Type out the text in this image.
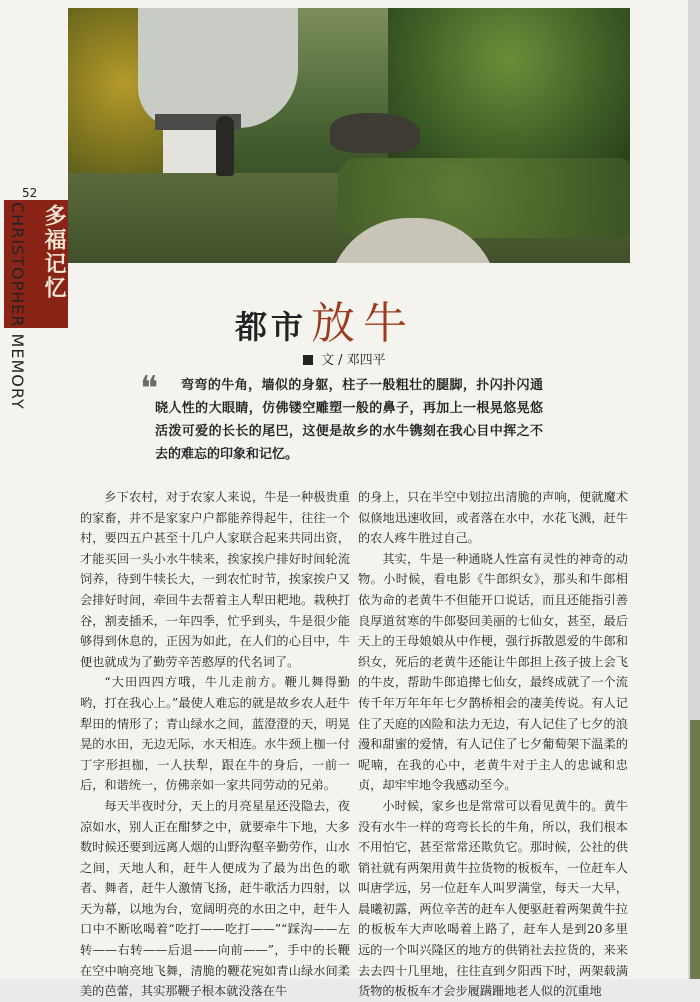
52
CHRISTOPHER MEMORY 多福记忆
都市放牛
文 / 邓四平
❝	弯弯的牛角，墙似的身躯，柱子一般粗壮的腿脚，扑闪扑闪通晓人性的大眼睛，仿佛镂空雕塑一般的鼻子，再加上一根晃悠晃悠活泼可爱的长长的尾巴，这便是故乡的水牛镌刻在我心目中挥之不去的难忘的印象和记忆。

乡下农村，对于农家人来说，牛是一种极贵重的家畜，并不是家家户户都能养得起牛，往往一个村，要四五户甚至十几户人家联合起来共同出资，才能买回一头小水牛犊来，挨家挨户排好时间轮流饲养，待到牛犊长大，一到农忙时节，挨家挨户又会排好时间，牵回牛去帮着主人犁田耙地。栽秧打谷，割麦插禾，一年四季，忙乎到头，牛是很少能够得到休息的，正因为如此，在人们的心目中，牛便也就成为了勤劳辛苦憨厚的代名词了。

“大田四四方哦，牛儿走前方。鞭儿舞得勤哟，打在我心上。”最使人难忘的就是故乡农人赶牛犁田的情形了；青山绿水之间，蓝澄澄的天，明晃晃的水田，无边无际，水天相连。水牛颈上枷一付丁字形担枷，一人扶犁，跟在牛的身后，一前一后，和谐统一，仿佛亲如一家共同劳动的兄弟。

每天半夜时分，天上的月亮星星还没隐去，夜凉如水，别人正在酣梦之中，就要牵牛下地，大多数时候还要到远离人烟的山野沟壑辛勤劳作，山水之间，天地人和，赶牛人便成为了最为出色的歌者、舞者，赶牛人激情飞扬，赶牛歌活力四射，以天为幕，以地为台，宽阔明亮的水田之中，赶牛人口中不断吆喝着“吃打——吃打——”“踩沟——左转——右转——后退——向前——”，手中的长鞭在空中响亮地飞舞，清脆的鞭花宛如青山绿水间柔美的芭蕾，其实那鞭子根本就没落在牛

的身上，只在半空中划拉出清脆的声响，便就魔术似倏地迅速收回，或者落在水中，水花飞溅，赶牛的农人疼牛胜过自己。

其实，牛是一种通晓人性富有灵性的神奇的动物。小时候，看电影《牛郎织女》，那头和牛郎相依为命的老黄牛不但能开口说话，而且还能指引善良厚道贫寒的牛郎娶回美丽的七仙女，甚至，最后天上的王母娘娘从中作梗，强行拆散恩爱的牛郎和织女，死后的老黄牛还能让牛郎担上孩子披上会飞的牛皮，帮助牛郎追撵七仙女，最终成就了一个流传千年万年年年七夕鹊桥相会的凄美传说。有人记住了天庭的凶险和法力无边，有人记住了七夕的浪漫和甜蜜的爱情，有人记住了七夕葡萄架下温柔的呢喃，在我的心中，老黄牛对于主人的忠诚和忠贞，却牢牢地令我感动至今。

小时候，家乡也是常常可以看见黄牛的。黄牛没有水牛一样的弯弯长长的牛角，所以，我们根本不用怕它，甚至常常还欺负它。那时候，公社的供销社就有两架用黄牛拉货物的板板车，一位赶车人叫唐学远，另一位赶车人叫罗满堂，每天一大早，晨曦初露，两位辛苦的赶车人便驱赶着两架黄牛拉的板板车大声吆喝着上路了，赶车人是到20多里远的一个叫兴隆区的地方的供销社去拉货的，来来去去四十几里地，往往直到夕阳西下时，两架载满货物的板板车才会步履蹒跚地老人似的沉重地
